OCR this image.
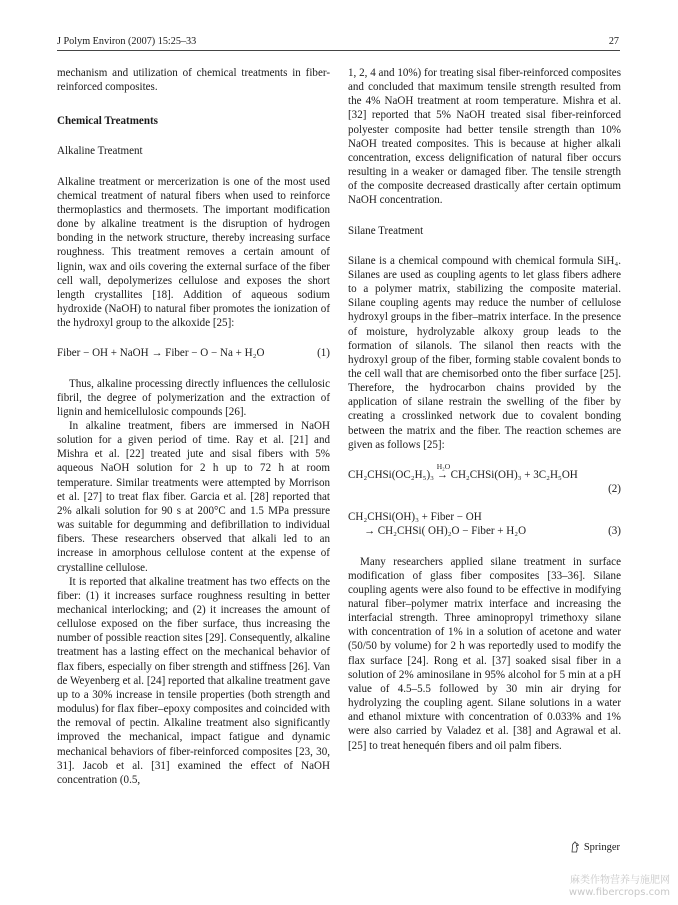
J Polym Environ (2007) 15:25–33	27

mechanism and utilization of chemical treatments in fiber-reinforced composites.

Chemical Treatments

Alkaline Treatment

Alkaline treatment or mercerization is one of the most used chemical treatment of natural fibers when used to reinforce thermoplastics and thermosets. The important modification done by alkaline treatment is the disruption of hydrogen bonding in the network structure, thereby increasing surface roughness. This treatment removes a certain amount of lignin, wax and oils covering the external surface of the fiber cell wall, depolymerizes cellulose and exposes the short length crystallites [18]. Addition of aqueous sodium hydroxide (NaOH) to natural fiber promotes the ionization of the hydroxyl group to the alkoxide [25]:

Fiber − OH + NaOH → Fiber − O − Na + H₂O	(1)

Thus, alkaline processing directly influences the cellulosic fibril, the degree of polymerization and the extraction of lignin and hemicellulosic compounds [26].

In alkaline treatment, fibers are immersed in NaOH solution for a given period of time. Ray et al. [21] and Mishra et al. [22] treated jute and sisal fibers with 5% aqueous NaOH solution for 2 h up to 72 h at room temperature. Similar treatments were attempted by Morrison et al. [27] to treat flax fiber. Garcia et al. [28] reported that 2% alkali solution for 90 s at 200°C and 1.5 MPa pressure was suitable for degumming and defibrillation to individual fibers. These researchers observed that alkali led to an increase in amorphous cellulose content at the expense of crystalline cellulose.

It is reported that alkaline treatment has two effects on the fiber: (1) it increases surface roughness resulting in better mechanical interlocking; and (2) it increases the amount of cellulose exposed on the fiber surface, thus increasing the number of possible reaction sites [29]. Consequently, alkaline treatment has a lasting effect on the mechanical behavior of flax fibers, especially on fiber strength and stiffness [26]. Van de Weyenberg et al. [24] reported that alkaline treatment gave up to a 30% increase in tensile properties (both strength and modulus) for flax fiber–epoxy composites and coincided with the removal of pectin. Alkaline treatment also significantly improved the mechanical, impact fatigue and dynamic mechanical behaviors of fiber-reinforced composites [23, 30, 31]. Jacob et al. [31] examined the effect of NaOH concentration (0.5,

1, 2, 4 and 10%) for treating sisal fiber-reinforced composites and concluded that maximum tensile strength resulted from the 4% NaOH treatment at room temperature. Mishra et al. [32] reported that 5% NaOH treated sisal fiber-reinforced polyester composite had better tensile strength than 10% NaOH treated composites. This is because at higher alkali concentration, excess delignification of natural fiber occurs resulting in a weaker or damaged fiber. The tensile strength of the composite decreased drastically after certain optimum NaOH concentration.

Silane Treatment

Silane is a chemical compound with chemical formula SiH₄. Silanes are used as coupling agents to let glass fibers adhere to a polymer matrix, stabilizing the composite material. Silane coupling agents may reduce the number of cellulose hydroxyl groups in the fiber–matrix interface. In the presence of moisture, hydrolyzable alkoxy group leads to the formation of silanols. The silanol then reacts with the hydroxyl group of the fiber, forming stable covalent bonds to the cell wall that are chemisorbed onto the fiber surface [25]. Therefore, the hydrocarbon chains provided by the application of silane restrain the swelling of the fiber by creating a crosslinked network due to covalent bonding between the matrix and the fiber. The reaction schemes are given as follows [25]:

CH₂CHSi(OC₂H₅)₃
H₂O
→ CH₂CHSi(OH)₃ + 3C₂H₅OH
(2)
CH₂CHSi(OH)₃ + Fiber − OH
→ CH₂CHSi( OH)₂O − Fiber + H₂O	(3)

Many researchers applied silane treatment in surface modification of glass fiber composites [33–36]. Silane coupling agents were also found to be effective in modifying natural fiber–polymer matrix interface and increasing the interfacial strength. Three aminopropyl trimethoxy silane with concentration of 1% in a solution of acetone and water (50/50 by volume) for 2 h was reportedly used to modify the flax surface [24]. Rong et al. [37] soaked sisal fiber in a solution of 2% aminosilane in 95% alcohol for 5 min at a pH value of 4.5–5.5 followed by 30 min air drying for hydrolyzing the coupling agent. Silane solutions in a water and ethanol mixture with concentration of 0.033% and 1% were also carried by Valadez et al. [38] and Agrawal et al. [25] to treat henequén fibers and oil palm fibers.

Springer
麻类作物营养与施肥网
www.fibercrops.com
